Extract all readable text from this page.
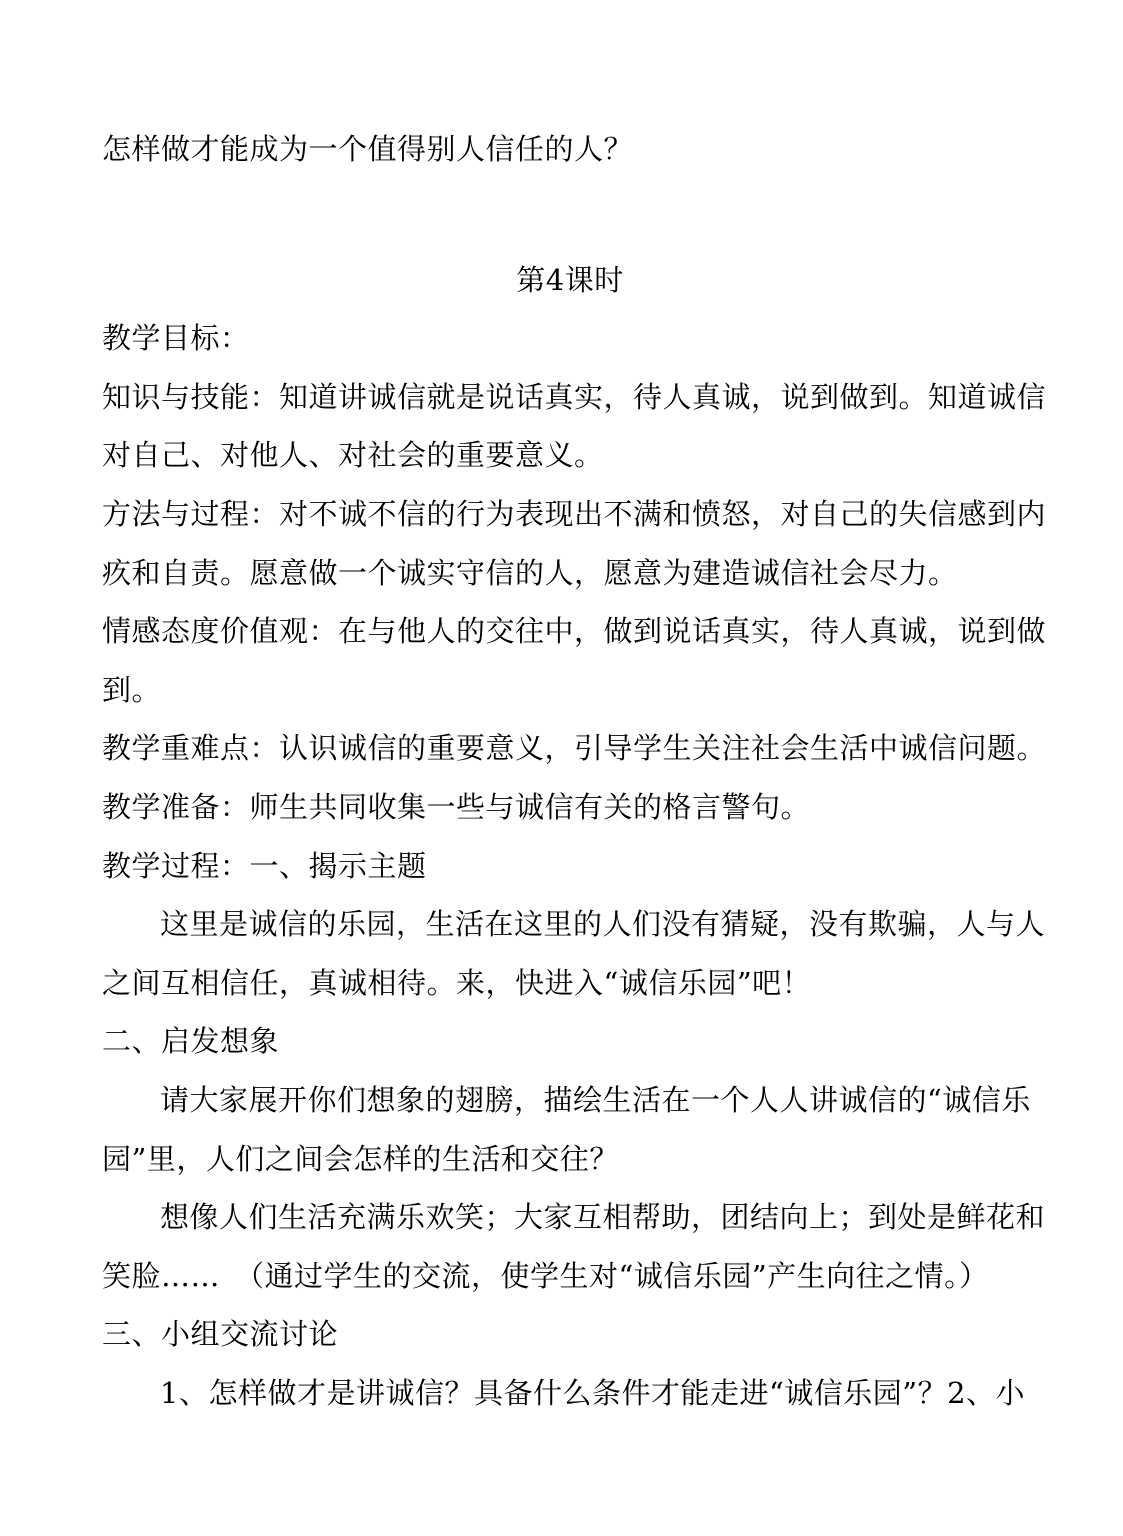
怎样做才能成为一个值得别人信任的人？
第4课时
教学目标：
知识与技能：知道讲诚信就是说话真实，待人真诚，说到做到。知道诚信
对自己、对他人、对社会的重要意义。
方法与过程：对不诚不信的行为表现出不满和愤怒，对自己的失信感到内
疚和自责。愿意做一个诚实守信的人，愿意为建造诚信社会尽力。
情感态度价值观：在与他人的交往中，做到说话真实，待人真诚，说到做
到。
教学重难点：认识诚信的重要意义，引导学生关注社会生活中诚信问题。
教学准备：师生共同收集一些与诚信有关的格言警句。
教学过程：一、揭示主题
这里是诚信的乐园，生活在这里的人们没有猜疑，没有欺骗，人与人
之间互相信任，真诚相待。来，快进入“诚信乐园”吧！
二、启发想象
请大家展开你们想象的翅膀，描绘生活在一个人人讲诚信的“诚信乐
园”里，人们之间会怎样的生活和交往？
想像人们生活充满乐欢笑；大家互相帮助，团结向上；到处是鲜花和
笑脸……　（通过学生的交流，使学生对“诚信乐园”产生向往之情。）
三、小组交流讨论
1、怎样做才是讲诚信？具备什么条件才能走进“诚信乐园”？2、小
